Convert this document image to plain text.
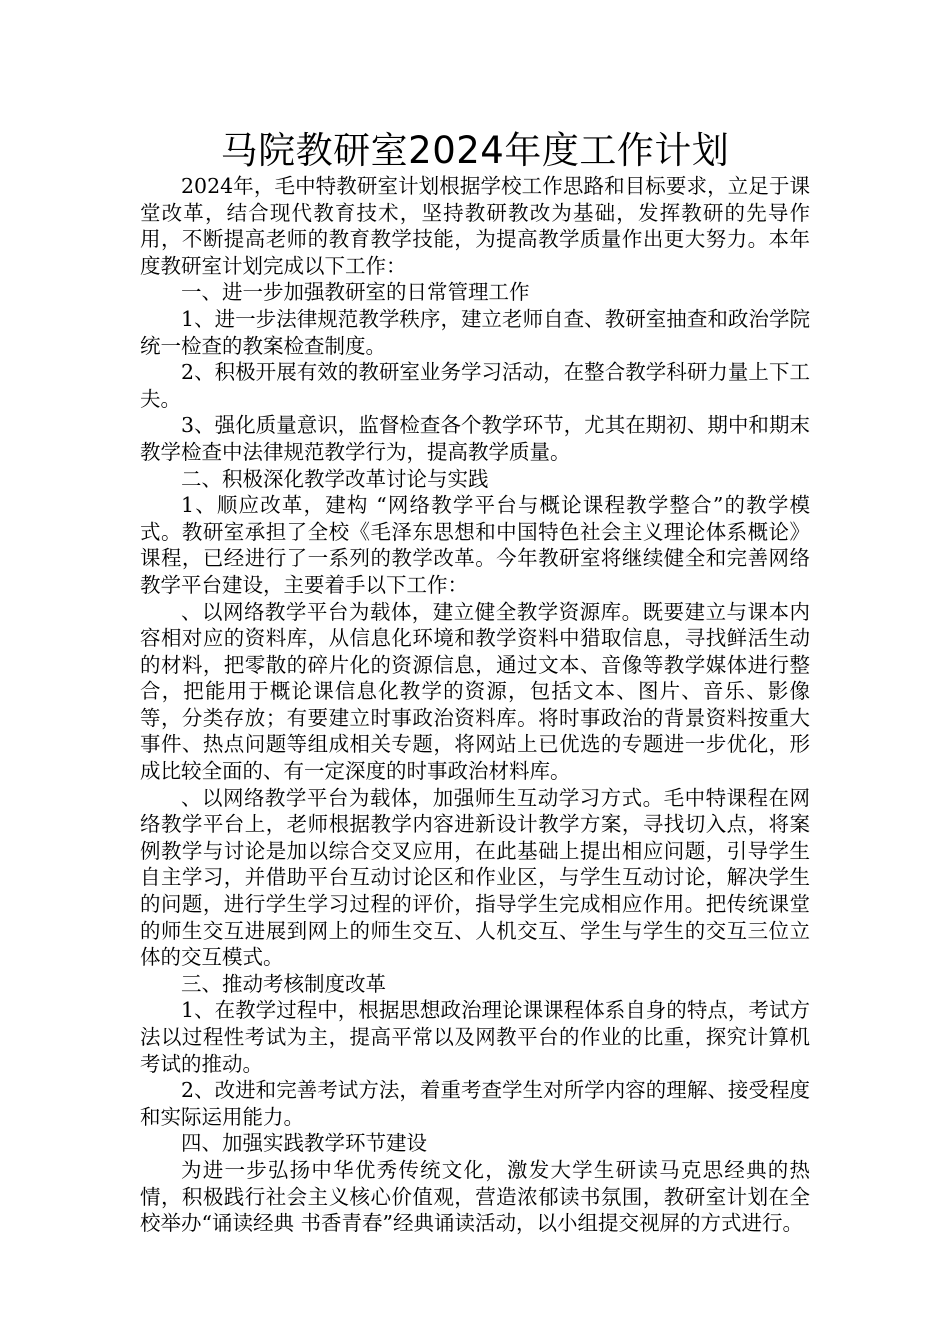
马院教研室2024年度工作计划

2024年，毛中特教研室计划根据学校工作思路和目标要求，立足于课堂改革，结合现代教育技术，坚持教研教改为基础，发挥教研的先导作用，不断提高老师的教育教学技能，为提高教学质量作出更大努力。本年度教研室计划完成以下工作：

一、进一步加强教研室的日常管理工作

1、进一步法律规范教学秩序，建立老师自查、教研室抽查和政治学院统一检查的教案检查制度。

2、积极开展有效的教研室业务学习活动，在整合教学科研力量上下工夫。

3、强化质量意识，监督检查各个教学环节，尤其在期初、期中和期末教学检查中法律规范教学行为，提高教学质量。

二、积极深化教学改革讨论与实践

1、顺应改革，建构 “网络教学平台与概论课程教学整合”的教学模式。教研室承担了全校《毛泽东思想和中国特色社会主义理论体系概论》课程，已经进行了一系列的教学改革。今年教研室将继续健全和完善网络教学平台建设，主要着手以下工作：

、以网络教学平台为载体，建立健全教学资源库。既要建立与课本内容相对应的资料库，从信息化环境和教学资料中猎取信息，寻找鲜活生动的材料，把零散的碎片化的资源信息，通过文本、音像等教学媒体进行整合，把能用于概论课信息化教学的资源，包括文本、图片、音乐、影像等，分类存放；有要建立时事政治资料库。将时事政治的背景资料按重大事件、热点问题等组成相关专题，将网站上已优选的专题进一步优化，形成比较全面的、有一定深度的时事政治材料库。

、以网络教学平台为载体，加强师生互动学习方式。毛中特课程在网络教学平台上，老师根据教学内容进新设计教学方案，寻找切入点，将案例教学与讨论是加以综合交叉应用，在此基础上提出相应问题，引导学生自主学习，并借助平台互动讨论区和作业区，与学生互动讨论，解决学生的问题，进行学生学习过程的评价，指导学生完成相应作用。把传统课堂的师生交互进展到网上的师生交互、人机交互、学生与学生的交互三位立体的交互模式。

三、推动考核制度改革

1、在教学过程中，根据思想政治理论课课程体系自身的特点，考试方法以过程性考试为主，提高平常以及网教平台的作业的比重，探究计算机考试的推动。

2、改进和完善考试方法，着重考查学生对所学内容的理解、接受程度和实际运用能力。

四、加强实践教学环节建设

为进一步弘扬中华优秀传统文化，激发大学生研读马克思经典的热情，积极践行社会主义核心价值观，营造浓郁读书氛围，教研室计划在全校举办“诵读经典 书香青春”经典诵读活动，以小组提交视屏的方式进行。
